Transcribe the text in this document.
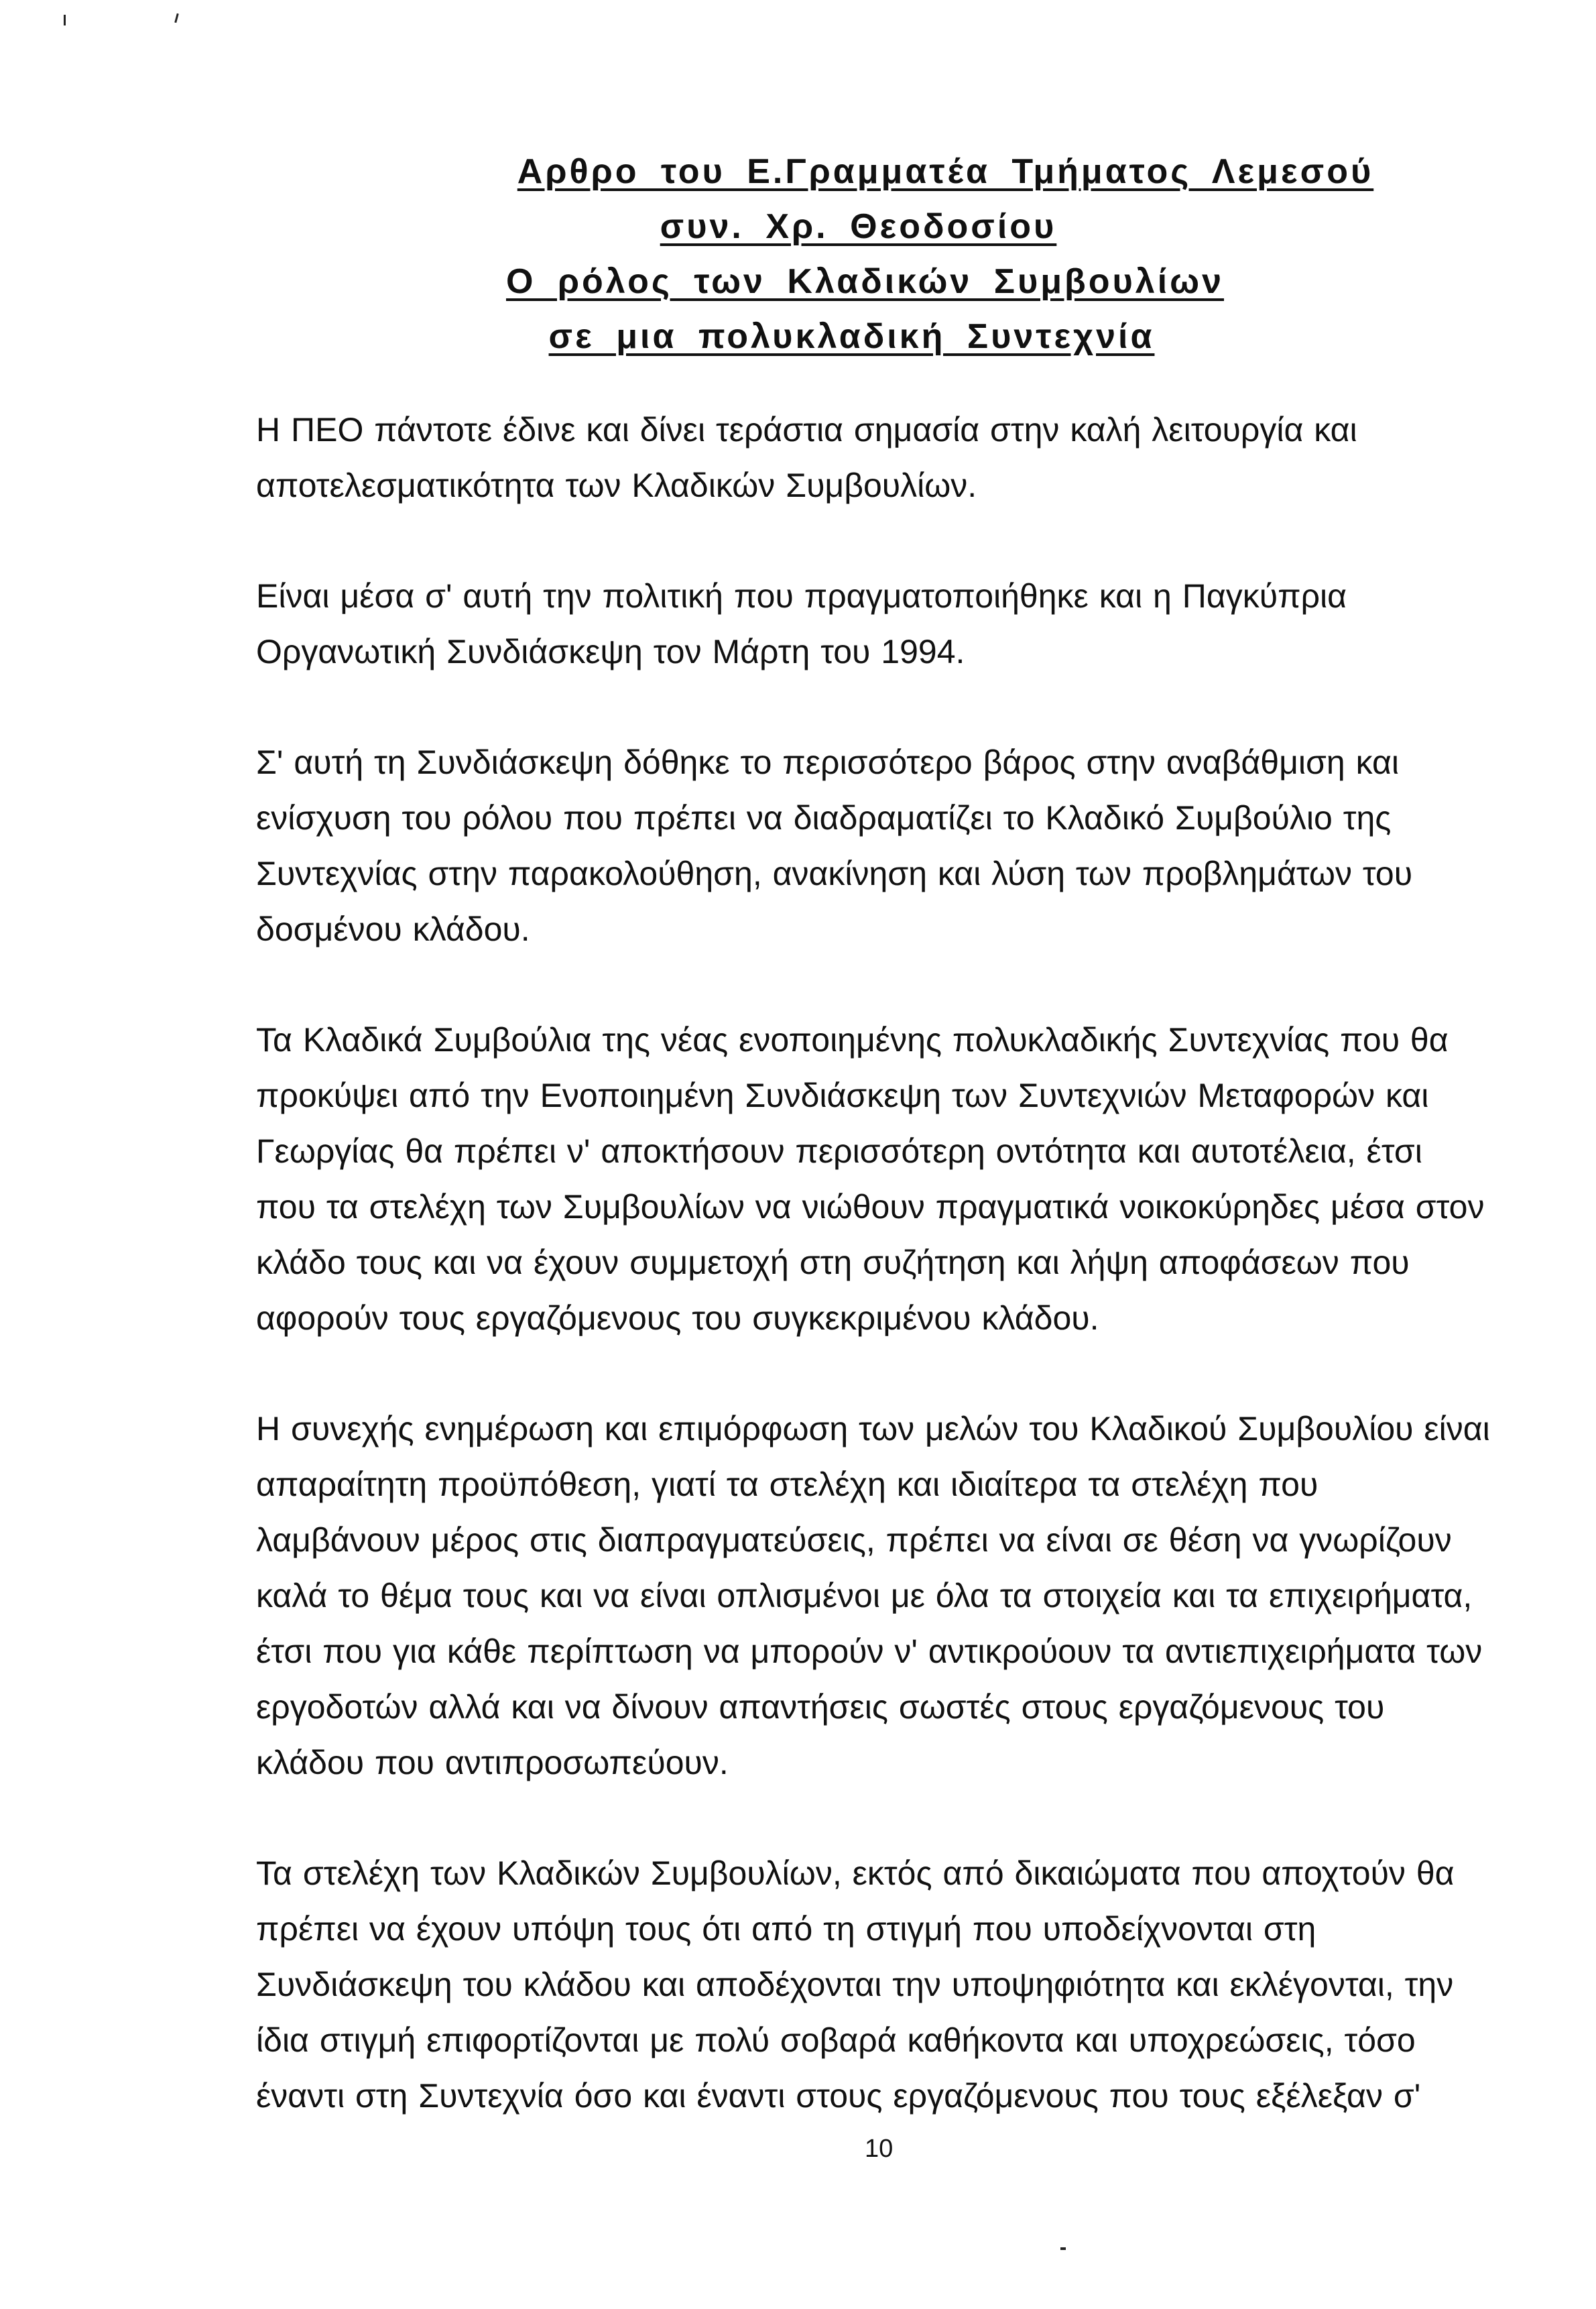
Αρθρο του Ε.Γραμματέα Τμήματος Λεμεσού
συν. Χρ. Θεοδοσίου
Ο ρόλος των Κλαδικών Συμβουλίων
σε μια πολυκλαδική Συντεχνία

Η ΠΕΟ πάντοτε έδινε και δίνει τεράστια σημασία στην καλή λειτουργία και
αποτελεσματικότητα των Κλαδικών Συμβουλίων.

Είναι μέσα σ' αυτή την πολιτική που πραγματοποιήθηκε και η Παγκύπρια
Οργανωτική Συνδιάσκεψη τον Μάρτη του 1994.

Σ' αυτή τη Συνδιάσκεψη δόθηκε το περισσότερο βάρος στην αναβάθμιση και
ενίσχυση του ρόλου που πρέπει να διαδραματίζει το Κλαδικό Συμβούλιο της
Συντεχνίας στην παρακολούθηση, ανακίνηση και λύση των προβλημάτων του
δοσμένου κλάδου.

Τα Κλαδικά Συμβούλια της νέας ενοποιημένης πολυκλαδικής Συντεχνίας που θα
προκύψει από την Ενοποιημένη Συνδιάσκεψη των Συντεχνιών Μεταφορών και
Γεωργίας θα πρέπει ν' αποκτήσουν περισσότερη οντότητα και αυτοτέλεια, έτσι
που τα στελέχη των Συμβουλίων να νιώθουν πραγματικά νοικοκύρηδες μέσα στον
κλάδο τους και να έχουν συμμετοχή στη συζήτηση και λήψη αποφάσεων που
αφορούν τους εργαζόμενους του συγκεκριμένου κλάδου.

Η συνεχής ενημέρωση και επιμόρφωση των μελών του Κλαδικού Συμβουλίου είναι
απαραίτητη προϋπόθεση, γιατί τα στελέχη και ιδιαίτερα τα στελέχη που
λαμβάνουν μέρος στις διαπραγματεύσεις, πρέπει να είναι σε θέση να γνωρίζουν
καλά το θέμα τους και να είναι οπλισμένοι με όλα τα στοιχεία και τα επιχειρήματα,
έτσι που για κάθε περίπτωση να μπορούν ν' αντικρούουν τα αντιεπιχειρήματα των
εργοδοτών αλλά και να δίνουν απαντήσεις σωστές στους εργαζόμενους του
κλάδου που αντιπροσωπεύουν.

Τα στελέχη των Κλαδικών Συμβουλίων, εκτός από δικαιώματα που αποχτούν θα
πρέπει να έχουν υπόψη τους ότι από τη στιγμή που υποδείχνονται στη
Συνδιάσκεψη του κλάδου και αποδέχονται την υποψηφιότητα και εκλέγονται, την
ίδια στιγμή επιφορτίζονται με πολύ σοβαρά καθήκοντα και υποχρεώσεις, τόσο
έναντι στη Συντεχνία όσο και έναντι στους εργαζόμενους που τους εξέλεξαν σ'

10
